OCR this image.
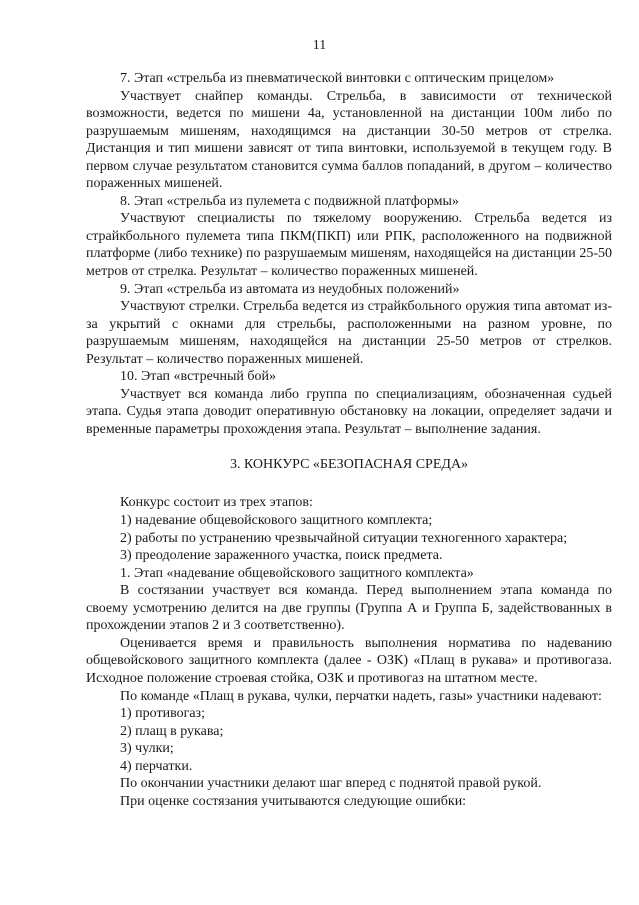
11

7. Этап «стрельба из пневматической винтовки с оптическим прицелом»

Участвует снайпер команды. Стрельба, в зависимости от технической возможности, ведется по мишени 4а, установленной на дистанции 100м либо по разрушаемым мишеням, находящимся на дистанции 30-50 метров от стрелка. Дистанция и тип мишени зависят от типа винтовки, используемой в текущем году. В первом случае результатом становится сумма баллов попаданий, в другом – количество пораженных мишеней.

8. Этап «стрельба из пулемета с подвижной платформы»

Участвуют специалисты по тяжелому вооружению. Стрельба ведется из страйкбольного пулемета типа ПКМ(ПКП) или РПК, расположенного на подвижной платформе (либо технике) по разрушаемым мишеням, находящейся на дистанции 25-50 метров от стрелка. Результат – количество пораженных мишеней.

9. Этап «стрельба из автомата из неудобных положений»

Участвуют стрелки. Стрельба ведется из страйкбольного оружия типа автомат из-за укрытий с окнами для стрельбы, расположенными на разном уровне, по разрушаемым мишеням, находящейся на дистанции 25-50 метров от стрелков. Результат – количество пораженных мишеней.

10. Этап «встречный бой»

Участвует вся команда либо группа по специализациям, обозначенная судьей этапа. Судья этапа доводит оперативную обстановку на локации, определяет задачи и временные параметры прохождения этапа. Результат – выполнение задания.

3. КОНКУРС «БЕЗОПАСНАЯ СРЕДА»

Конкурс состоит из трех этапов:

1) надевание общевойскового защитного комплекта;

2) работы по устранению чрезвычайной ситуации техногенного характера;

3) преодоление зараженного участка, поиск предмета.

1. Этап «надевание общевойскового защитного комплекта»

В состязании участвует вся команда. Перед выполнением этапа команда по своему усмотрению делится на две группы (Группа А и Группа Б, задействованных в прохождении этапов 2 и 3 соответственно).

Оценивается время и правильность выполнения норматива по надеванию общевойскового защитного комплекта (далее - ОЗК) «Плащ в рукава» и противогаза. Исходное положение строевая стойка, ОЗК и противогаз на штатном месте.

По команде «Плащ в рукава, чулки, перчатки надеть, газы» участники надевают:

1) противогаз;

2) плащ в рукава;

3) чулки;

4) перчатки.

По окончании участники делают шаг вперед с поднятой правой рукой.

При оценке состязания учитываются следующие ошибки:
